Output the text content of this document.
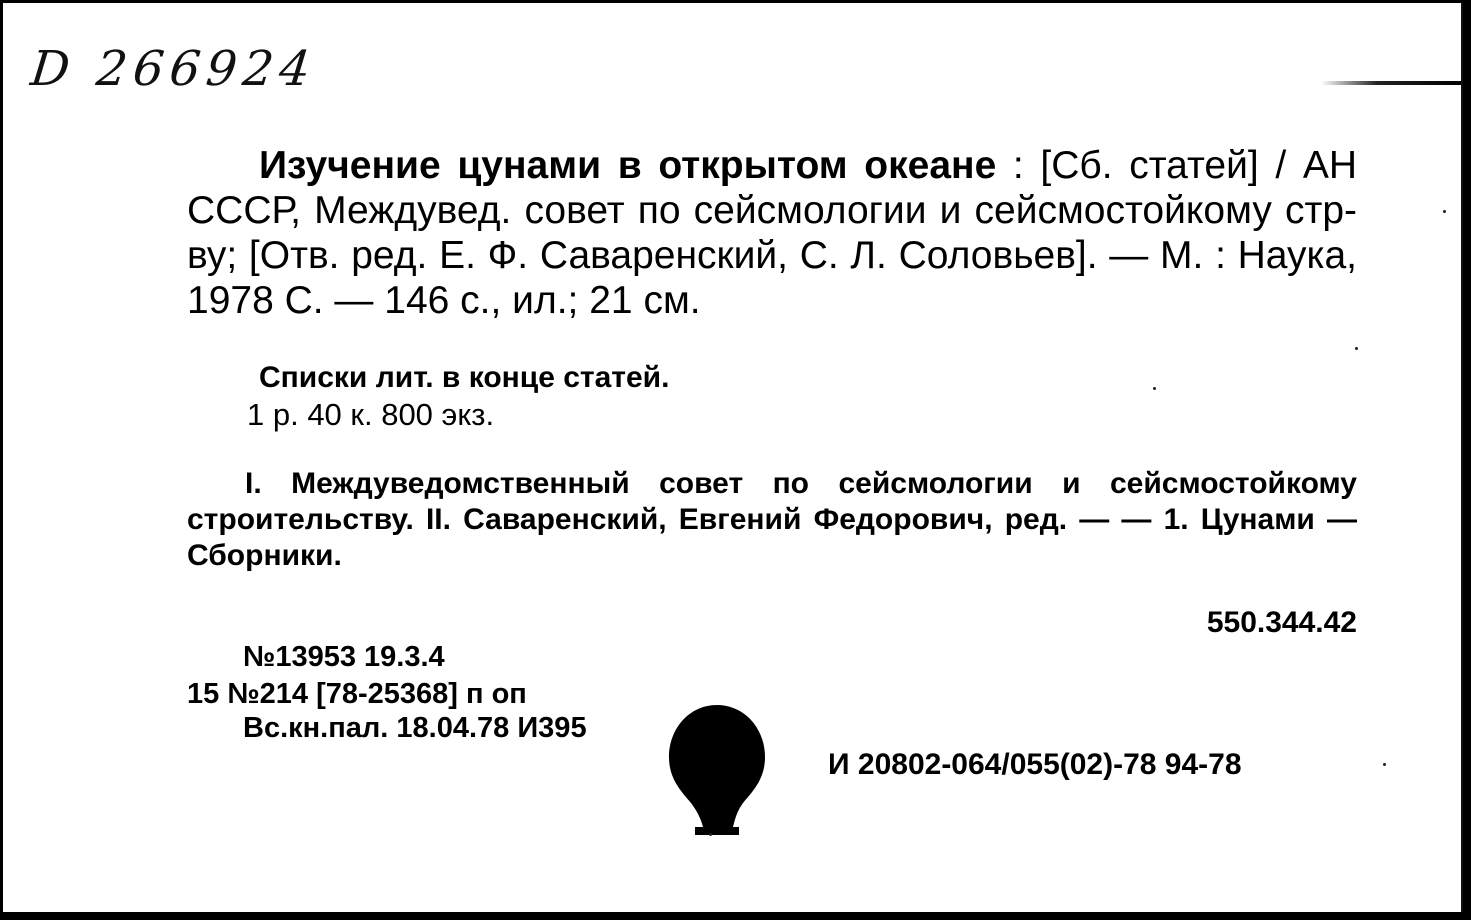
D 266924

Изучение цунами в открытом океане : [Сб. статей] / АН СССР, Междувед. совет по сейсмологии и сейсмостойкому стр-ву; [Отв. ред. Е. Ф. Саваренский, С. Л. Соловьев]. — М. : Наука, 1978 С. — 146 с., ил.; 21 см.

Списки лит. в конце статей.

1 р. 40 к. 800 экз.

I. Междуведомственный совет по сейсмологии и сейсмостойкому строительству. II. Саваренский, Евгений Федорович, ред. — — 1. Цунами — Сборники.

550.344.42
№13953 19.3.4
15 №214 [78-25368] п оп
Вс.кн.пал. 18.04.78 И395
И 20802-064/055(02)-78 94-78
